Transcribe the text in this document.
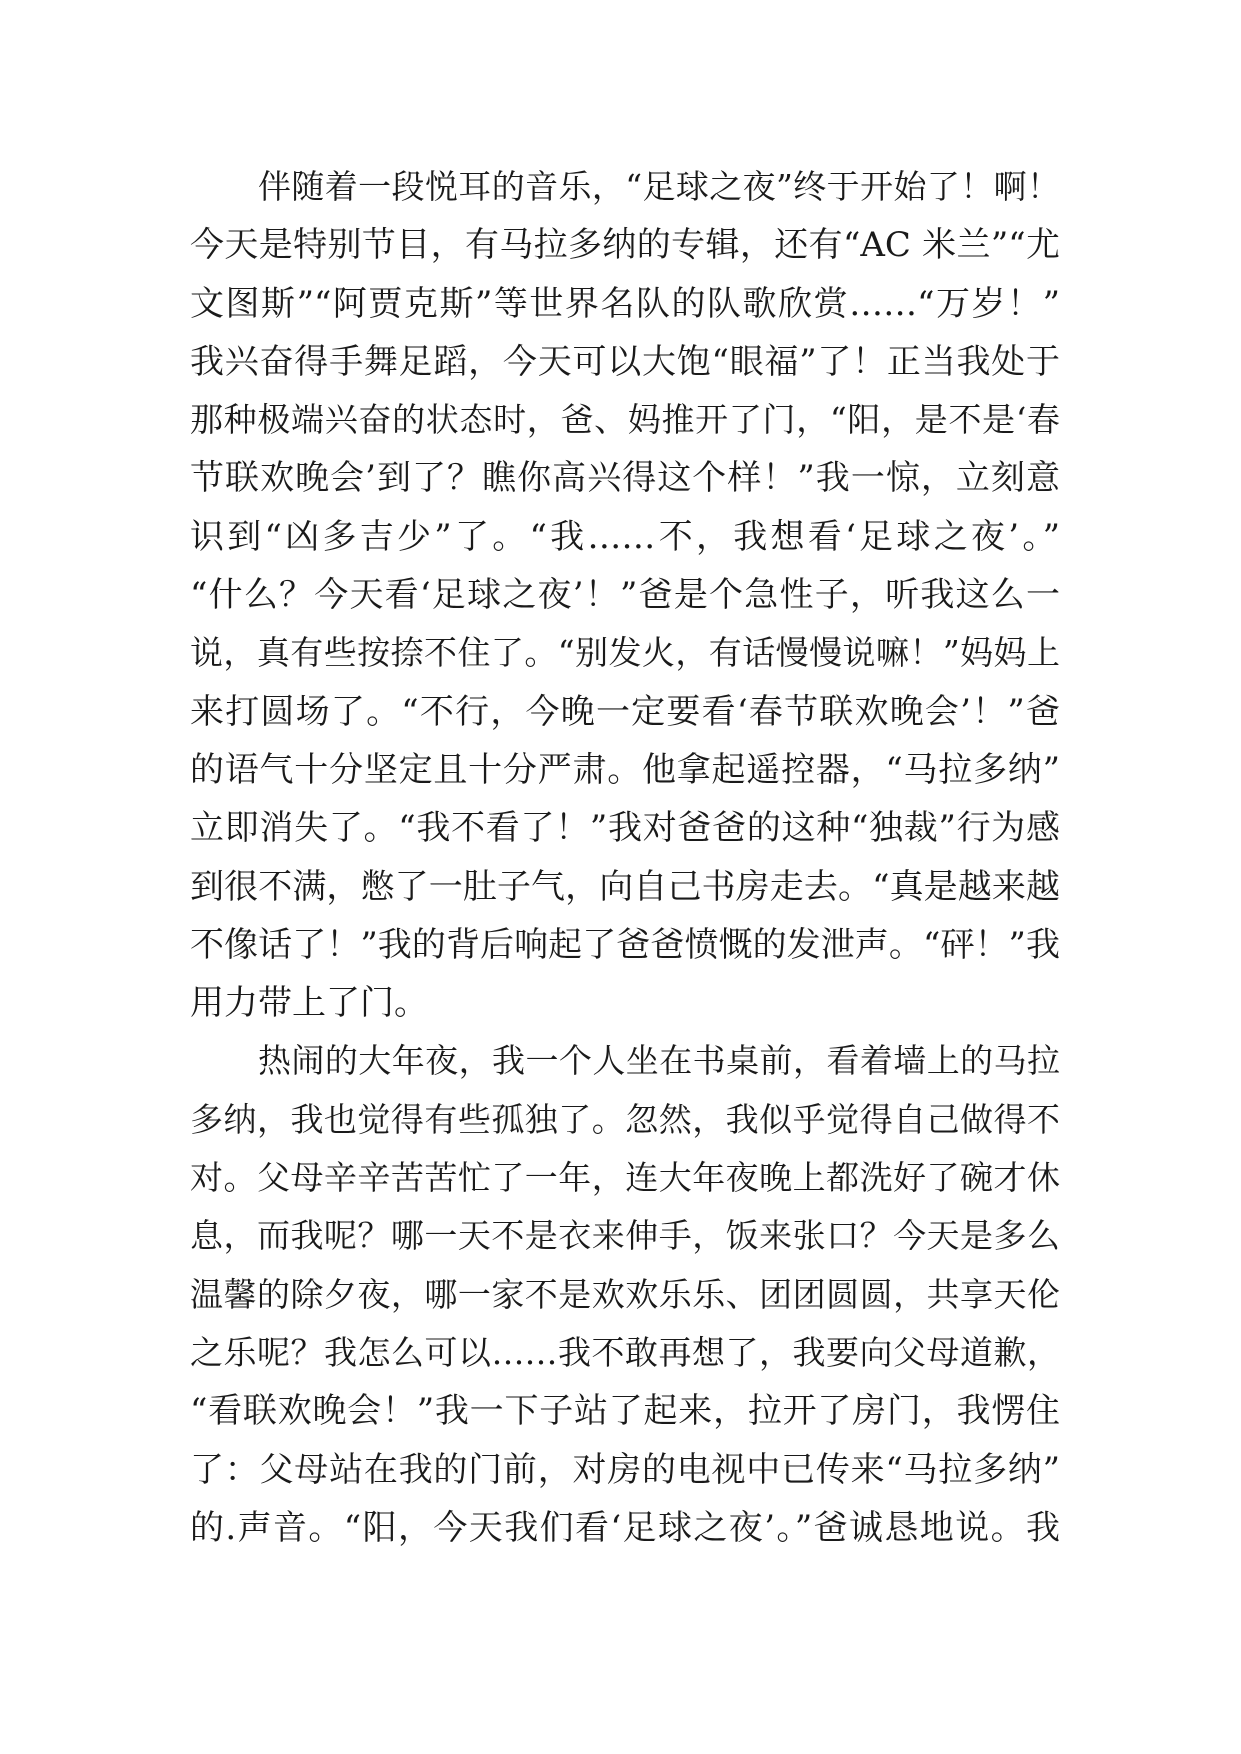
伴随着一段悦耳的音乐，“足球之夜”终于开始了！啊！
今天是特别节目，有马拉多纳的专辑，还有“AC 米兰”“尤
文图斯”“阿贾克斯”等世界名队的队歌欣赏……“万岁！”
我兴奋得手舞足蹈，今天可以大饱“眼福”了！正当我处于
那种极端兴奋的状态时，爸、妈推开了门，“阳，是不是‘春
节联欢晚会’到了？瞧你高兴得这个样！”我一惊，立刻意
识到“凶多吉少”了。“我……不，我想看‘足球之夜’。”
“什么？今天看‘足球之夜’！”爸是个急性子，听我这么一
说，真有些按捺不住了。“别发火，有话慢慢说嘛！”妈妈上
来打圆场了。“不行，今晚一定要看‘春节联欢晚会’！”爸
的语气十分坚定且十分严肃。他拿起遥控器，“马拉多纳”
立即消失了。“我不看了！”我对爸爸的这种“独裁”行为感
到很不满，憋了一肚子气，向自己书房走去。“真是越来越
不像话了！”我的背后响起了爸爸愤慨的发泄声。“砰！”我
用力带上了门。
热闹的大年夜，我一个人坐在书桌前，看着墙上的马拉
多纳，我也觉得有些孤独了。忽然，我似乎觉得自己做得不
对。父母辛辛苦苦忙了一年，连大年夜晚上都洗好了碗才休
息，而我呢？哪一天不是衣来伸手，饭来张口？今天是多么
温馨的除夕夜，哪一家不是欢欢乐乐、团团圆圆，共享天伦
之乐呢？我怎么可以……我不敢再想了，我要向父母道歉，
“看联欢晚会！”我一下子站了起来，拉开了房门，我愣住
了：父母站在我的门前，对房的电视中已传来“马拉多纳”
的.声音。“阳，今天我们看‘足球之夜’。”爸诚恳地说。我
